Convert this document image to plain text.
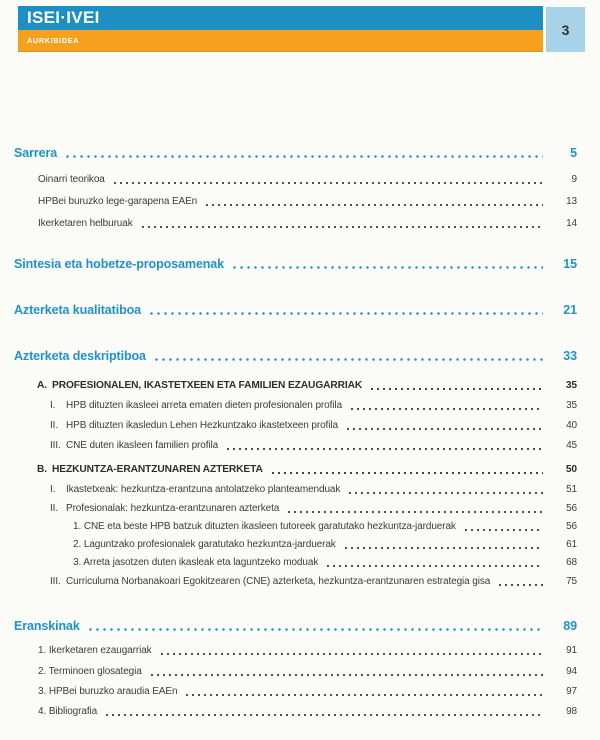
ISEI·IVEI
AURKIBIDEA
3
Sarrera	5
Oinarri teorikoa	9
HPBei buruzko lege-garapena EAEn	13
Ikerketaren helburuak	14
Sintesia eta hobetze-proposamenak	15
Azterketa kualitatiboa	21
Azterketa deskriptiboa	33
A. PROFESIONALEN, IKASTETXEEN ETA FAMILIEN EZAUGARRIAK	35
I.	HPB dituzten ikasleei arreta ematen dieten profesionalen profila	35
II. HPB dituzten ikasledun Lehen Hezkuntzako ikastetxeen profila	40
III. CNE duten ikasleen familien profila	45
B. HEZKUNTZA-ERANTZUNAREN AZTERKETA	50
I.	Ikastetxeak: hezkuntza-erantzuna antolatzeko planteamenduak	51
II. Profesionalak: hezkuntza-erantzunaren azterketa	56
1. CNE eta beste HPB batzuk dituzten ikasleen tutoreek garatutako hezkuntza-jarduerak	56
2. Laguntzako profesionalek garatutako hezkuntza-jarduerak	61
3. Arreta jasotzen duten ikasleak eta laguntzeko moduak	68
III. Curriculuma Norbanakoari Egokitzearen (CNE) azterketa, hezkuntza-erantzunaren estrategia gisa	75
Eranskinak	89
1. Ikerketaren ezaugarriak	91
2. Terminoen glosategia	94
3. HPBei buruzko araudia EAEn	97
4. Bibliografia	98
